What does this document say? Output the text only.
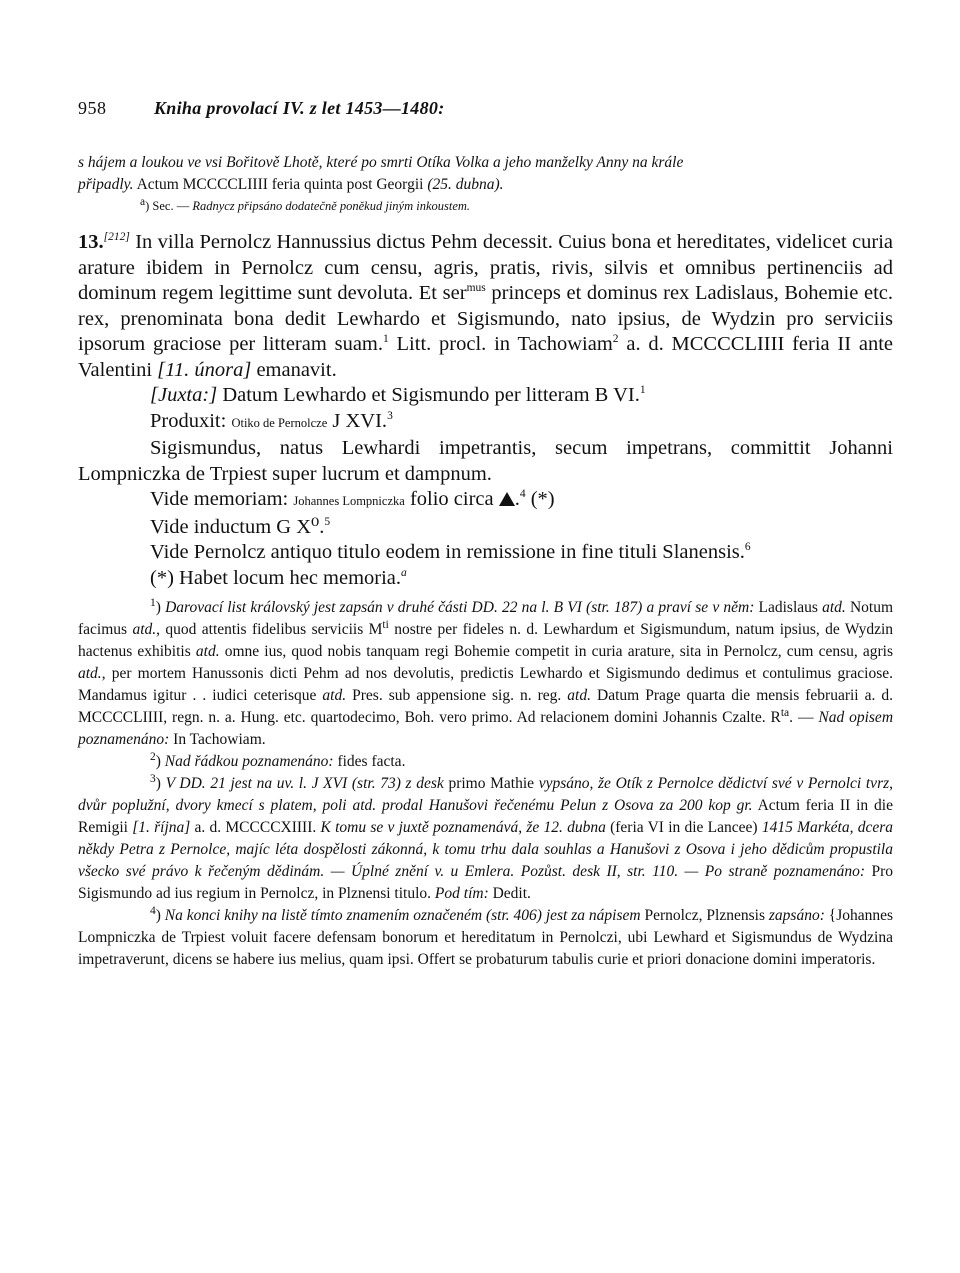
958	Kniha provolací IV. z let 1453—1480:
s hájem a loukou ve vsi Bořitově Lhotě, které po smrti Otíka Volka a jeho manželky Anny na krále
připadly. Actum MCCCCLIIII feria quinta post Georgii (25. dubna).
a) Sec. — Radnycz připsáno dodatečně poněkud jiným inkoustem.

13.[212] In villa Pernolcz Hannussius dictus Pehm decessit. Cuius bona et hereditates, videlicet curia arature ibidem in Pernolcz cum censu, agris, pratis, rivis, silvis et omnibus pertinenciis ad dominum regem legittime sunt devoluta. Et ser$^{mus}$ princeps et dominus rex Ladislaus, Bohemie etc. rex, prenominata bona dedit Lewhardo et Sigismundo, nato ipsius, de Wydzin pro serviciis ipsorum graciose per litteram suam.$^1$ Litt. procl. in Tachowiam$^2$ a. d. MCCCCLIIII feria II ante Valentini [11. února] emanavit.

[Juxta:] Datum Lewhardo et Sigismundo per litteram B VI.$^1$

Produxit: Otiko de Pernolcze J XVI.$^3$

Sigismundus, natus Lewhardi impetrantis, secum impetrans, committit Johanni Lompniczka de Trpiest super lucrum et dampnum.

Vide memoriam: Johannes Lompniczka folio circa .$^4$ (*)

Vide inductum G X⁰.$^5$

Vide Pernolcz antiquo titulo eodem in remissione in fine tituli Slanensis.$^6$

(*) Habet locum hec memoria.$^a$

$^1$) Darovací list královský jest zapsán v druhé části DD. 22 na l. B VI (str. 187) a praví se v něm: Ladislaus atd. Notum facimus atd., quod attentis fidelibus serviciis $M^{ti}$ nostre per fideles n. d. Lewhardum et Sigismundum, natum ipsius, de Wydzin hactenus exhibitis atd. omne ius, quod nobis tanquam regi Bohemie competit in curia arature, sita in Pernolcz, cum censu, agris atd., per mortem Hanussonis dicti Pehm ad nos devolutis, predictis Lewhardo et Sigismundo dedimus et contulimus graciose. Mandamus igitur . . iudici ceterisque atd. Pres. sub appensione sig. n. reg. atd. Datum Prage quarta die mensis februarii a. d. MCCCCLIIII, regn. n. a. Hung. etc. quartodecimo, Boh. vero primo. Ad relacionem domini Johannis Czalte. $R^{ta}$. — Nad opisem poznamenáno: In Tachowiam.

$^2$) Nad řádkou poznamenáno: fides facta.

$^3$) V DD. 21 jest na uv. l. J XVI (str. 73) z desk primo Mathie vypsáno, že Otík z Pernolce dědictví své v Pernolci tvrz, dvůr poplužní, dvory kmecí s platem, poli atd. prodal Hanušovi řečenému Pelun z Osova za 200 kop gr. Actum feria II in die Remigii [1. října] a. d. MCCCCXIIII. K tomu se v juxtě poznamenává, že 12. dubna (feria VI in die Lancee) 1415 Markéta, dcera někdy Petra z Pernolce, majíc léta dospělosti zákonná, k tomu trhu dala souhlas a Hanušovi z Osova i jeho dědicům propustila všecko své právo k řečeným dědinám. — Úplné znění v. u Emlera. Pozůst. desk II, str. 110. — Po straně poznamenáno: Pro Sigismundo ad ius regium in Pernolcz, in Plznensi titulo. Pod tím: Dedit.

$^4$) Na konci knihy na listě tímto znamením označeném (str. 406) jest za nápisem Pernolcz, Plznensis zapsáno: {Johannes Lompniczka de Trpiest voluit facere defensam bonorum et hereditatum in Pernolczi, ubi Lewhard et Sigismundus de Wydzina impetraverunt, dicens se habere ius melius, quam ipsi. Offert se probaturum tabulis curie et priori donacione domini imperatoris.
